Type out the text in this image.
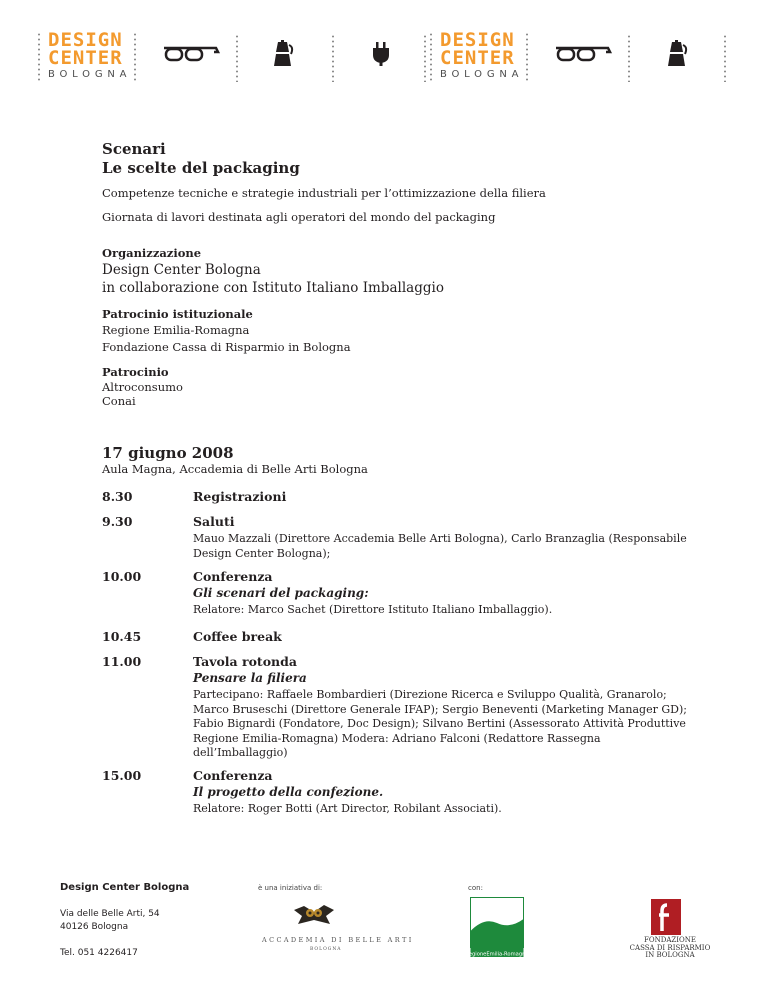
DESIGN
CENTER
BOLOGNA
DESIGN
CENTER
BOLOGNA
Scenari
Le scelte del packaging
Competenze tecniche e strategie industriali per l’ottimizzazione della filiera
Giornata di lavori destinata agli operatori del mondo del packaging
Organizzazione
Design Center Bologna
in collaborazione con Istituto Italiano Imballaggio
Patrocinio istituzionale
Regione Emilia-Romagna
Fondazione Cassa di Risparmio in Bologna
Patrocinio
Altroconsumo
Conai
17 giugno 2008
Aula Magna, Accademia di Belle Arti Bologna
8.30	Registrazioni
9.30	Saluti
Mauo Mazzali (Direttore Accademia Belle Arti Bologna), Carlo Branzaglia (Responsabile Design Center Bologna);
10.00	Conferenza
Gli scenari del packaging:
Relatore: Marco Sachet (Direttore Istituto Italiano Imballaggio).
10.45	Coffee break
11.00	Tavola rotonda
Pensare la filiera
Partecipano: Raffaele Bombardieri (Direzione Ricerca e Sviluppo Qualità, Granarolo; Marco Bruseschi (Direttore Generale IFAP); Sergio Beneventi (Marketing Manager GD); Fabio Bignardi (Fondatore, Doc Design); Silvano Bertini (Assessorato Attività Produttive Regione Emilia-Romagna) Modera: Adriano Falconi (Redattore Rassegna dell’Imballaggio)
15.00	Conferenza
Il progetto della confezione.
Relatore: Roger Botti (Art Director, Robilant Associati).
Design Center Bologna
Via delle Belle Arti, 54
40126 Bologna
Tel. 051 4226417
è una iniziativa di:	con:
ACCADEMIA DI BELLE ARTI
BOLOGNA
RegioneEmilia-Romagna
FONDAZIONE
CASSA DI RISPARMIO
IN BOLOGNA
